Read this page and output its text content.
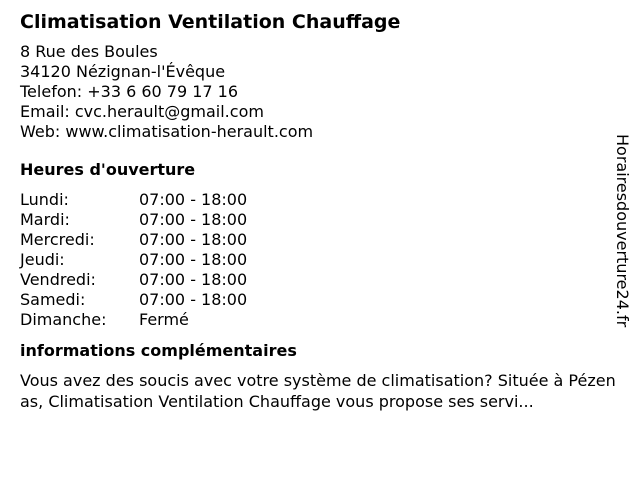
Climatisation Ventilation Chauffage
8 Rue des Boules
34120 Nézignan-l'Évêque
Telefon: +33 6 60 79 17 16
Email: cvc.herault@gmail.com
Web: www.climatisation-herault.com
Heures d'ouverture
Lundi:	07:00 - 18:00
Mardi:	07:00 - 18:00
Mercredi:	07:00 - 18:00
Jeudi:	07:00 - 18:00
Vendredi:	07:00 - 18:00
Samedi:	07:00 - 18:00
Dimanche: Fermé
informations complémentaires
Vous avez des soucis avec votre système de climatisation? Située à Pézenas, Climatisation Ventilation Chauffage vous propose ses servi...
Horairesdouverture24.fr
